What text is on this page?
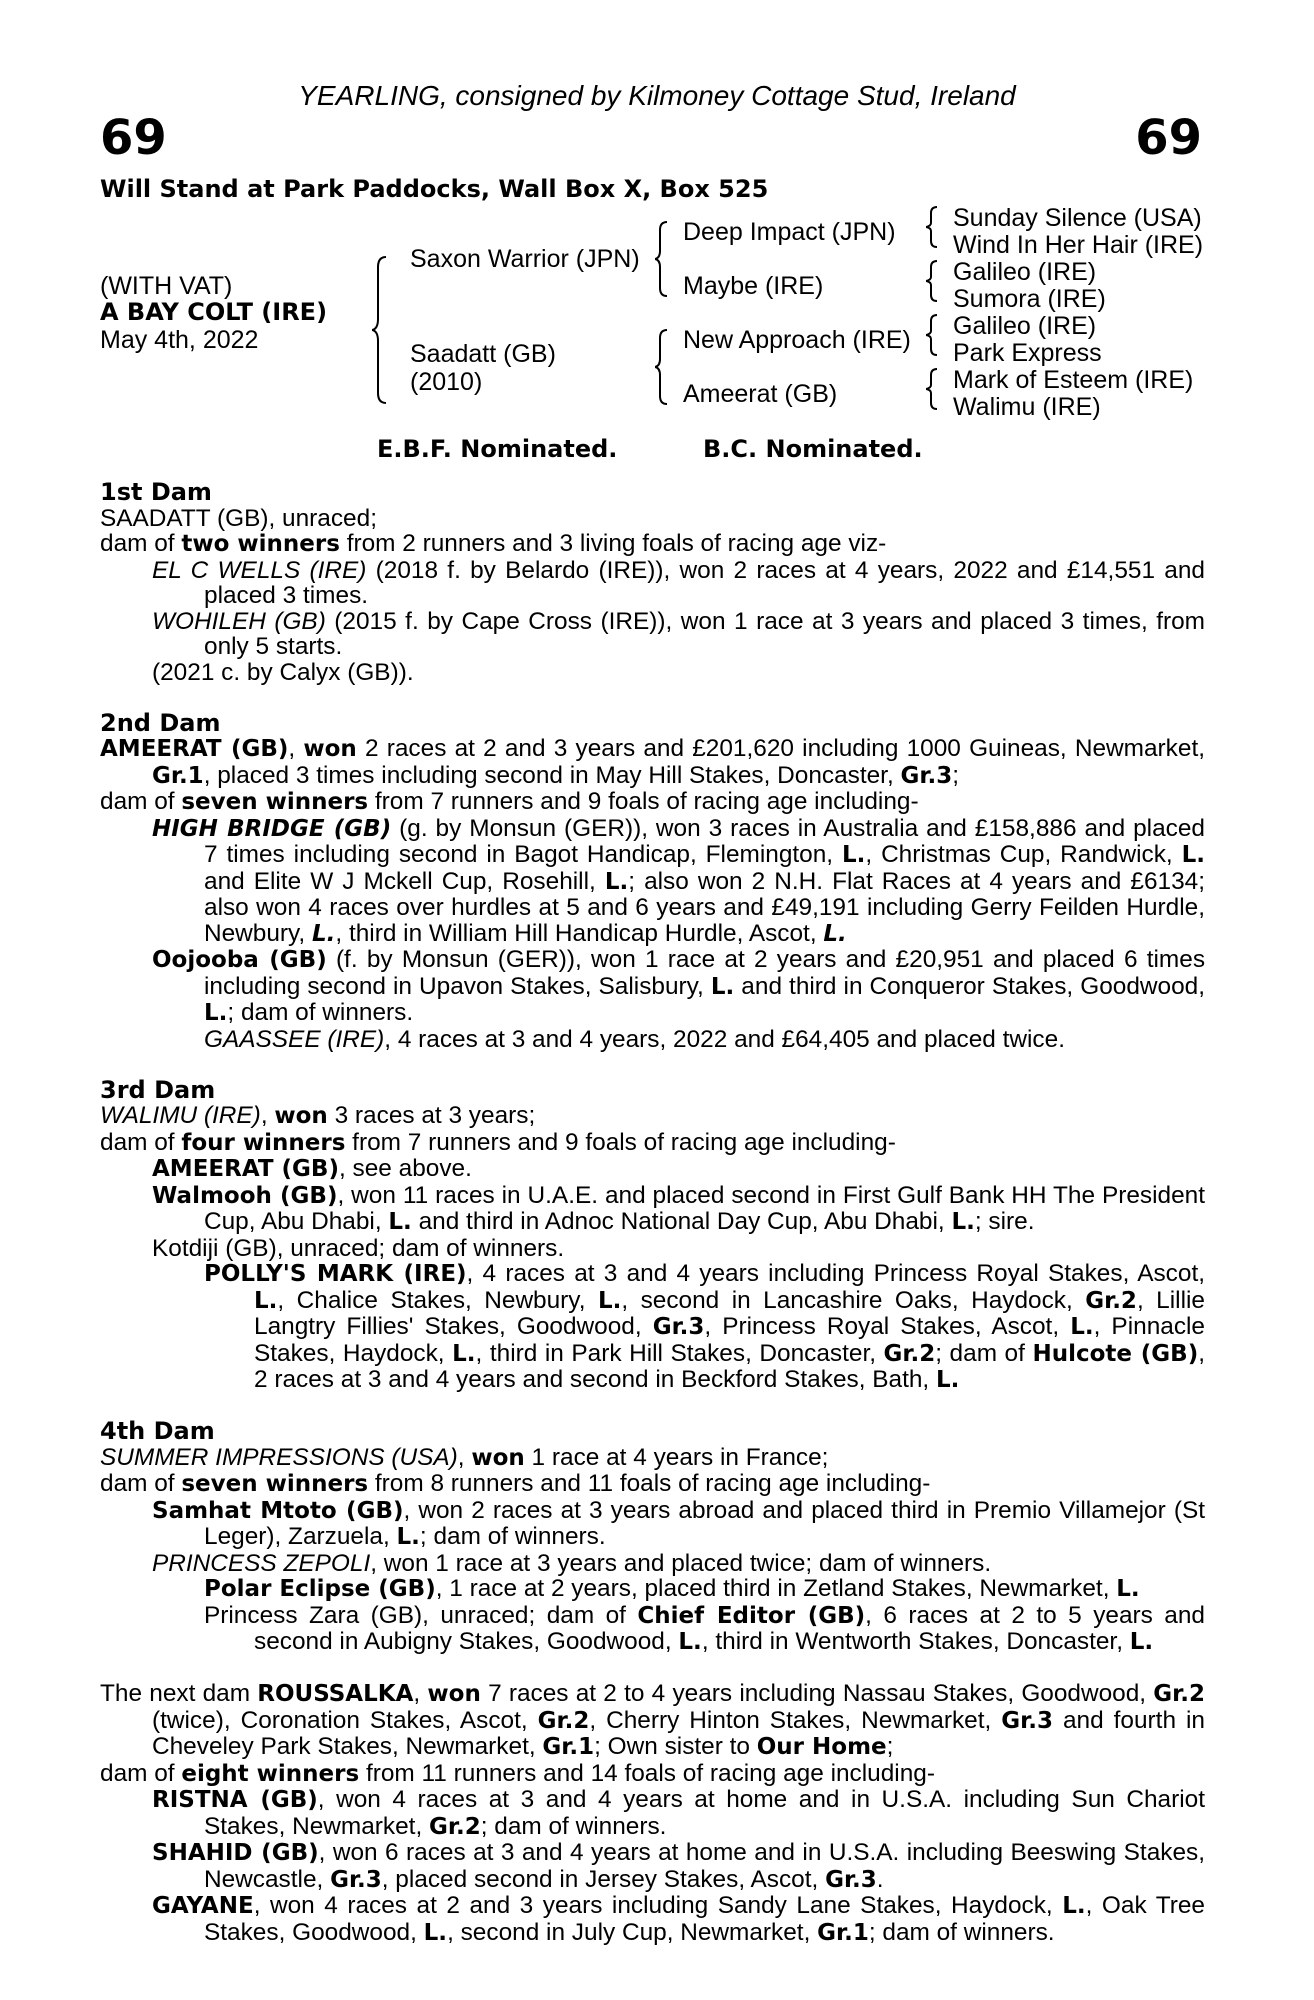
YEARLING, consigned by Kilmoney Cottage Stud, Ireland
69	69
Will Stand at Park Paddocks, Wall Box X, Box 525
(WITH VAT)
A BAY COLT (IRE)
May 4th, 2022
Saxon Warrior (JPN)
Saadatt (GB)
(2010)
Deep Impact (JPN)
Maybe (IRE)
New Approach (IRE)
Ameerat (GB)
Sunday Silence (USA)
Wind In Her Hair (IRE)
Galileo (IRE)
Sumora (IRE)
Galileo (IRE)
Park Express
Mark of Esteem (IRE)
Walimu (IRE)
E.B.F. Nominated.	B.C. Nominated.
1st Dam
SAADATT (GB), unraced;
dam of two winners from 2 runners and 3 living foals of racing age viz-
EL C WELLS (IRE) (2018 f. by Belardo (IRE)), won 2 races at 4 years, 2022 and £14,551 and placed 3 times.
WOHILEH (GB) (2015 f. by Cape Cross (IRE)), won 1 race at 3 years and placed 3 times, from only 5 starts.
(2021 c. by Calyx (GB)).
2nd Dam
AMEERAT (GB), won 2 races at 2 and 3 years and £201,620 including 1000 Guineas, Newmarket, Gr.1, placed 3 times including second in May Hill Stakes, Doncaster, Gr.3;
dam of seven winners from 7 runners and 9 foals of racing age including-
HIGH BRIDGE (GB) (g. by Monsun (GER)), won 3 races in Australia and £158,886 and placed 7 times including second in Bagot Handicap, Flemington, L., Christmas Cup, Randwick, L. and Elite W J Mckell Cup, Rosehill, L.; also won 2 N.H. Flat Races at 4 years and £6134; also won 4 races over hurdles at 5 and 6 years and £49,191 including Gerry Feilden Hurdle, Newbury, L., third in William Hill Handicap Hurdle, Ascot, L.
Oojooba (GB) (f. by Monsun (GER)), won 1 race at 2 years and £20,951 and placed 6 times including second in Upavon Stakes, Salisbury, L. and third in Conqueror Stakes, Goodwood, L.; dam of winners.
GAASSEE (IRE), 4 races at 3 and 4 years, 2022 and £64,405 and placed twice.
3rd Dam
WALIMU (IRE), won 3 races at 3 years;
dam of four winners from 7 runners and 9 foals of racing age including-
AMEERAT (GB), see above.
Walmooh (GB), won 11 races in U.A.E. and placed second in First Gulf Bank HH The President Cup, Abu Dhabi, L. and third in Adnoc National Day Cup, Abu Dhabi, L.; sire.
Kotdiji (GB), unraced; dam of winners.
POLLY'S MARK (IRE), 4 races at 3 and 4 years including Princess Royal Stakes, Ascot, L., Chalice Stakes, Newbury, L., second in Lancashire Oaks, Haydock, Gr.2, Lillie Langtry Fillies' Stakes, Goodwood, Gr.3, Princess Royal Stakes, Ascot, L., Pinnacle Stakes, Haydock, L., third in Park Hill Stakes, Doncaster, Gr.2; dam of Hulcote (GB), 2 races at 3 and 4 years and second in Beckford Stakes, Bath, L.
4th Dam
SUMMER IMPRESSIONS (USA), won 1 race at 4 years in France;
dam of seven winners from 8 runners and 11 foals of racing age including-
Samhat Mtoto (GB), won 2 races at 3 years abroad and placed third in Premio Villamejor (St Leger), Zarzuela, L.; dam of winners.
PRINCESS ZEPOLI, won 1 race at 3 years and placed twice; dam of winners.
Polar Eclipse (GB), 1 race at 2 years, placed third in Zetland Stakes, Newmarket, L.
Princess Zara (GB), unraced; dam of Chief Editor (GB), 6 races at 2 to 5 years and second in Aubigny Stakes, Goodwood, L., third in Wentworth Stakes, Doncaster, L.
The next dam ROUSSALKA, won 7 races at 2 to 4 years including Nassau Stakes, Goodwood, Gr.2 (twice), Coronation Stakes, Ascot, Gr.2, Cherry Hinton Stakes, Newmarket, Gr.3 and fourth in Cheveley Park Stakes, Newmarket, Gr.1; Own sister to Our Home;
dam of eight winners from 11 runners and 14 foals of racing age including-
RISTNA (GB), won 4 races at 3 and 4 years at home and in U.S.A. including Sun Chariot Stakes, Newmarket, Gr.2; dam of winners.
SHAHID (GB), won 6 races at 3 and 4 years at home and in U.S.A. including Beeswing Stakes, Newcastle, Gr.3, placed second in Jersey Stakes, Ascot, Gr.3.
GAYANE, won 4 races at 2 and 3 years including Sandy Lane Stakes, Haydock, L., Oak Tree Stakes, Goodwood, L., second in July Cup, Newmarket, Gr.1; dam of winners.
